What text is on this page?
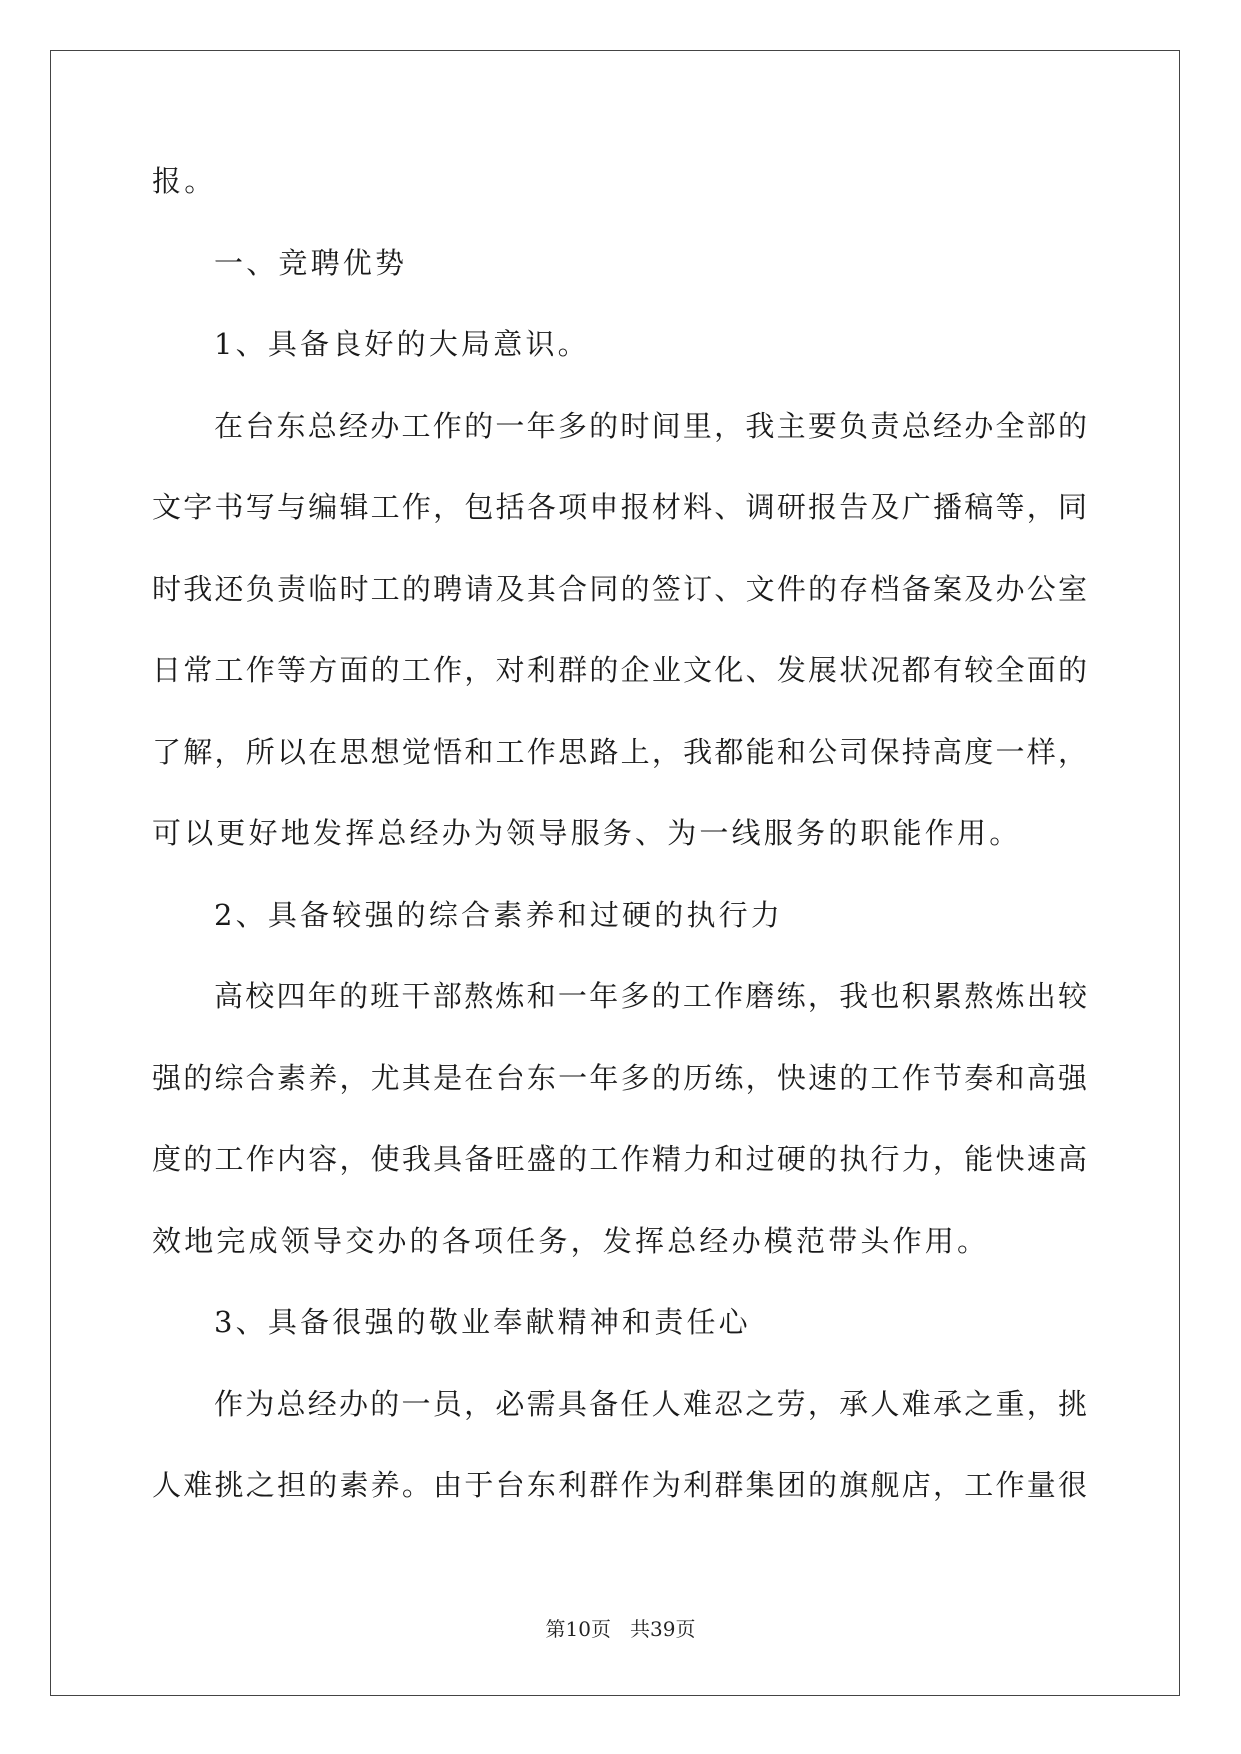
报。
一、竞聘优势
1、具备良好的大局意识。
在台东总经办工作的一年多的时间里，我主要负责总经办全部的
文字书写与编辑工作，包括各项申报材料、调研报告及广播稿等，同
时我还负责临时工的聘请及其合同的签订、文件的存档备案及办公室
日常工作等方面的工作，对利群的企业文化、发展状况都有较全面的
了解，所以在思想觉悟和工作思路上，我都能和公司保持高度一样，
可以更好地发挥总经办为领导服务、为一线服务的职能作用。
2、具备较强的综合素养和过硬的执行力
高校四年的班干部熬炼和一年多的工作磨练，我也积累熬炼出较
强的综合素养，尤其是在台东一年多的历练，快速的工作节奏和高强
度的工作内容，使我具备旺盛的工作精力和过硬的执行力，能快速高
效地完成领导交办的各项任务，发挥总经办模范带头作用。
3、具备很强的敬业奉献精神和责任心
作为总经办的一员，必需具备任人难忍之劳，承人难承之重，挑
人难挑之担的素养。由于台东利群作为利群集团的旗舰店，工作量很
第10页 共39页
